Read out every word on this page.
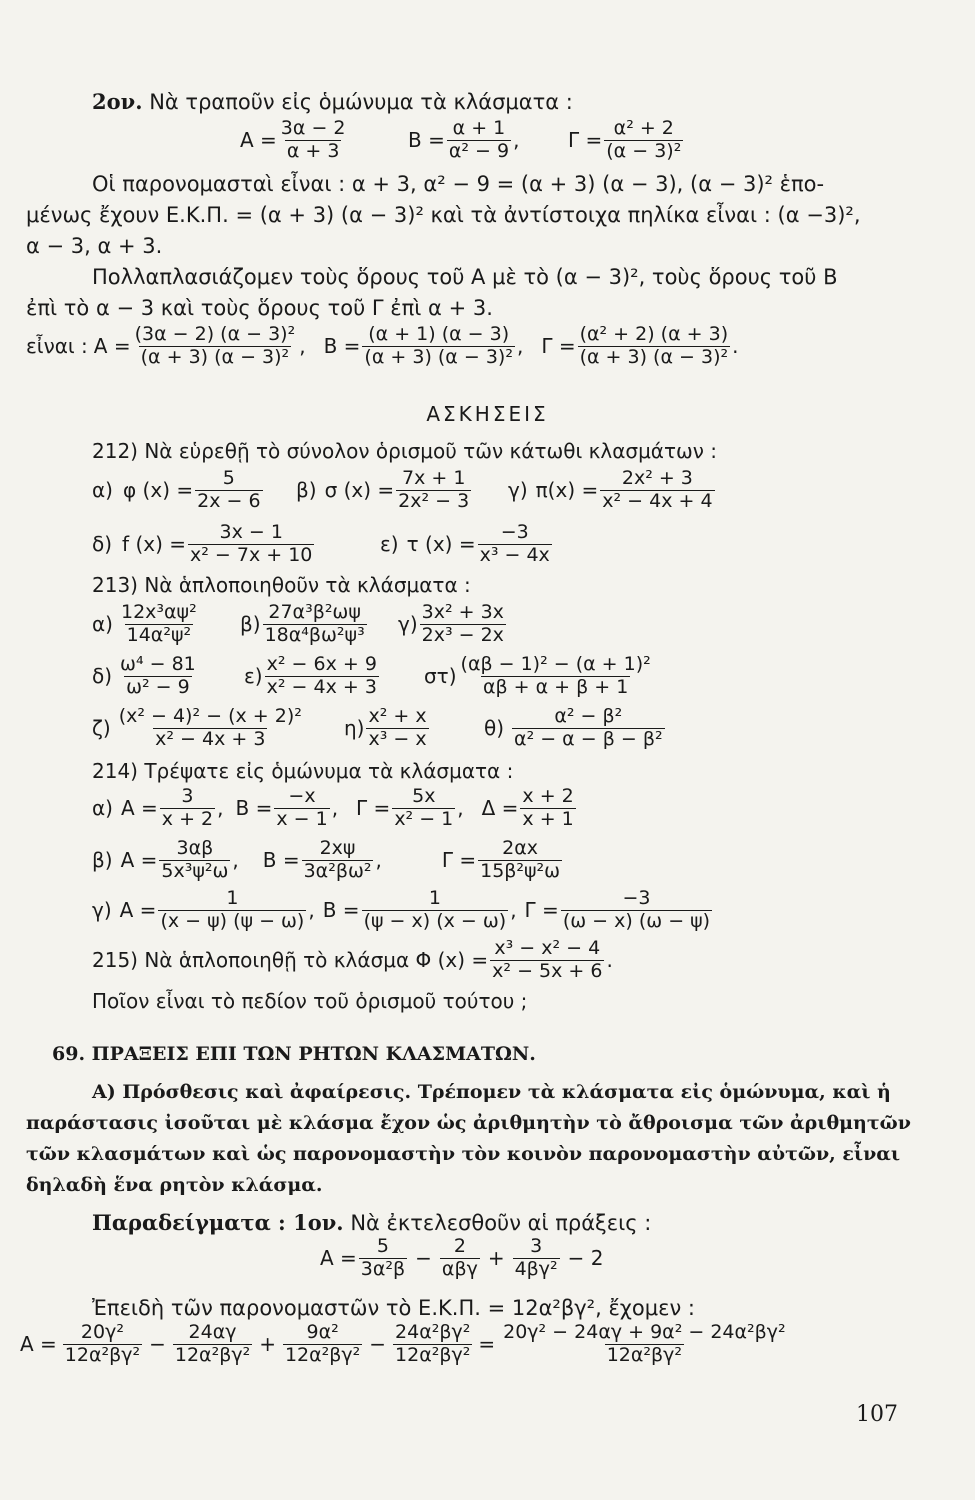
2ον. Νὰ τραποῦν εἰς ὁμώνυμα τὰ κλάσματα :
$A = \frac{3\alpha - 2}{\alpha + 3}$	$B = \frac{\alpha + 1}{\text{α² − 9}}$ , $\Gamma = \frac{\text{α² + 2}}{\text{(α − 3)²}}$
Οἱ παρονομασταὶ εἶναι : α + 3, α² − 9 = (α + 3) (α − 3), (α − 3)² ἑπο-
μένως ἔχουν Ε.Κ.Π. = (α + 3) (α − 3)² καὶ τὰ ἀντίστοιχα πηλίκα εἶναι : (α −3)²,
α − 3, α + 3.
Πολλαπλασιάζομεν τοὺς ὅρους τοῦ Α μὲ τὸ (α − 3)², τοὺς ὅρους τοῦ Β
ἐπὶ τὸ α − 3 καὶ τοὺς ὅρους τοῦ Γ ἐπὶ α + 3.
εἶναι : $A = \frac{\text{(3α − 2) (α − 3)²}}{\text{(α + 3) (α − 3)²}}$ , $B = \frac{(\alpha + 1) (\alpha - 3)}{\text{(α + 3) (α − 3)²}}$ , $\Gamma = \frac{\text{(α² + 2) (α + 3)}}{\text{(α + 3) (α − 3)²}}$ .
ΑΣΚΗΣΕΙΣ
212) Νὰ εὑρεθῇ τὸ σύνολον ὁρισμοῦ τῶν κάτωθι κλασμάτων :
α) φ $(x) = \frac{5}{2x - 6} \beta$) σ $(x) = \frac{7x + 1}{\text{2x² − 3}} \gamma$) $\pi(x) = \frac{\text{2x² + 3}}{\text{x² − 4x + 4}}$
δ) f $(x) = \frac{3x - 1}{\text{x² − 7x + 10}}$	ε) τ $(x) = \frac{-3}{\text{x³ − 4x}}$
213) Νὰ ἁπλοποιηθοῦν τὰ κλάσματα :
$\alpha) \frac{\text{12x³αψ²}}{\text{14α²ψ²}} \beta) \frac{\text{27α³β²ωψ}}{\text{18α⁴βω²ψ³}} \gamma) \frac{\text{3x² + 3x}}{\text{2x³ − 2x}}$
$\delta) \frac{\text{ω⁴ − 81}}{\text{ω² − 9}} \varepsilon) \frac{\text{x² − 6x + 9}}{\text{x² − 4x + 3}} \sigma\tau) \frac{\text{(αβ − 1)² − (α + 1)²}}{\alpha\beta + \alpha + \beta + 1}$
$\zeta) \frac{\text{(x² − 4)² − (x + 2)²}}{\text{x² − 4x + 3}} \eta) \frac{\text{x² + x}}{\text{x³ − x}}$	$\theta) \frac{\text{α² − β²}}{\text{α² − α − β − β²}}$
214) Τρέψατε εἰς ὁμώνυμα τὰ κλάσματα :
α) $A = \frac{3}{x + 2}$ , $B = \frac{-x}{x - 1}$ , $\Gamma = \frac{5x}{\text{x² − 1}}$ , $\Delta = \frac{x + 2}{x + 1}$
β) $A = \frac{3\alpha\beta}{\text{5x³ψ²ω}}$ , $B = \frac{2x\psi}{\text{3α²βω²}}$ ,	$\Gamma = \frac{2\alpha x}{\text{15β²ψ²ω}}$
γ) $A = \frac{1}{(x - \psi) (\psi - \omega)}$ , $B = \frac{1}{(\psi - x) (x - \omega)}$ , $\Gamma = \frac{-3}{(\omega - x) (\omega - \psi)}$
215) Νὰ ἁπλοποιηθῇ τὸ κλάσμα Φ $(x) = \frac{\text{x³ − x² − 4}}{\text{x² − 5x + 6}}$ .
Ποῖον εἶναι τὸ πεδίον τοῦ ὁρισμοῦ τούτου ;
69. ΠΡΑΞΕΙΣ ΕΠΙ ΤΩΝ ΡΗΤΩΝ ΚΛΑΣΜΑΤΩΝ.
Α) Πρόσθεσις καὶ ἀφαίρεσις. Τρέπομεν τὰ κλάσματα εἰς ὁμώνυμα, καὶ ἡ
παράστασις ἰσοῦται μὲ κλάσμα ἔχον ὡς ἀριθμητὴν τὸ ἄθροισμα τῶν ἀριθμητῶν
τῶν κλασμάτων καὶ ὡς παρονομαστὴν τὸν κοινὸν παρονομαστὴν αὐτῶν, εἶναι
δηλαδὴ ἕνα ρητὸν κλάσμα.
Παραδείγματα : 1ον. Νὰ ἐκτελεσθοῦν αἱ πράξεις :
$A = \frac{5}{\text{3α²β}} - \frac{2}{\text{αβγ}} + \frac{3}{\text{4βγ²}} - 2$
Ἐπειδὴ τῶν παρονομαστῶν τὸ Ε.Κ.Π. = 12α²βγ², ἔχομεν :
$A = \frac{\text{20γ²}}{\text{12α²βγ²}} - \frac{24\alpha\gamma}{\text{12α²βγ²}} + \frac{\text{9α²}}{\text{12α²βγ²}} - \frac{\text{24α²βγ²}}{\text{12α²βγ²}} = \frac{\text{20γ² − 24αγ + 9α² − 24α²βγ²}}{\text{12α²βγ²}}$
107
